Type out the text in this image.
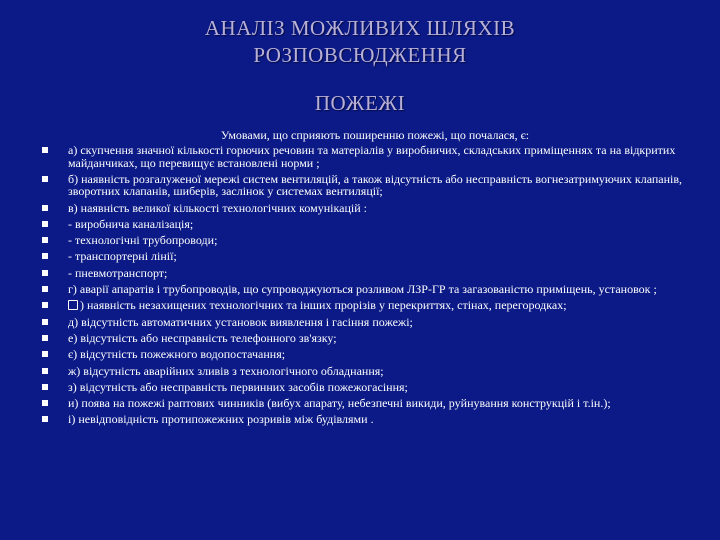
АНАЛІЗ МОЖЛИВИХ ШЛЯХІВ
РОЗПОВСЮДЖЕННЯ
ПОЖЕЖІ
Умовами, що сприяють поширенню пожежі, що почалася, є:
а) скупчення значної кількості горючих речовин та матеріалів у виробничих, складських приміщеннях та на відкритих майданчиках, що перевищує встановлені норми ;
б) наявність розгалуженої мережі систем вентиляцій, а також відсутність або несправність вогнезатримуючих клапанів, зворотних клапанів, шиберів, заслінок у системах вентиляції;
в) наявність великої кількості технологічних комунікацій :
- виробнича каналізація;
- технологічні трубопроводи;
- транспортерні лінії;
- пневмотранспорт;
г) аварії апаратів і трубопроводів, що супроводжуються розливом ЛЗР-ГР та загазованістю приміщень, установок ;
) наявність незахищених технологічних та інших прорізів у перекриттях, стінах, перегородках;
д) відсутність автоматичних установок виявлення і гасіння пожежі;
е) відсутність або несправність телефонного зв'язку;
є) відсутність пожежного водопостачання;
ж) відсутність аварійних зливів з технологічного обладнання;
з) відсутність або несправність первинних засобів пожежогасіння;
и) поява на пожежі раптових чинників (вибух апарату, небезпечні викиди, руйнування конструкцій і т.ін.);
і) невідповідність протипожежних розривів між будівлями .
